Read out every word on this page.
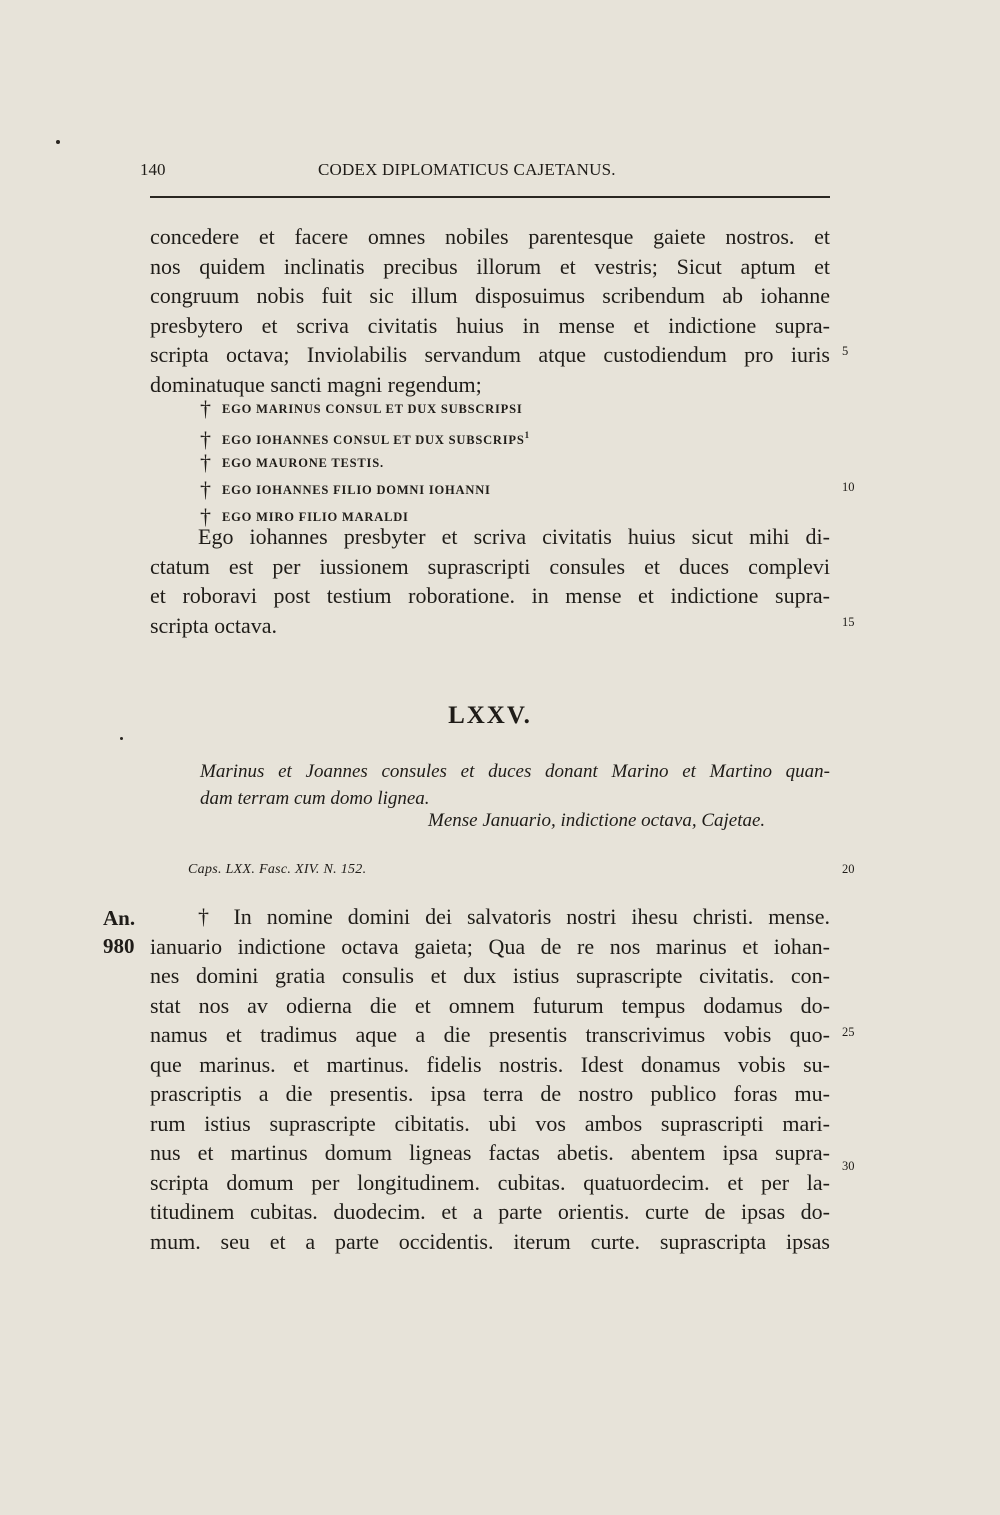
140	CODEX DIPLOMATICUS CAJETANUS.
concedere et facere omnes nobiles parentesque gaiete nostros. et
nos quidem inclinatis precibus illorum et vestris; Sicut aptum et
congruum nobis fuit sic illum disposuimus scribendum ab iohanne
presbytero et scriva civitatis huius in mense et indictione supra-
scripta octava; Inviolabilis servandum atque custodiendum pro iuris
dominatuque sancti magni regendum;
† EGO MARINUS CONSUL ET DUX SUBSCRIPSI
† EGO IOHANNES CONSUL ET DUX SUBSCRIPS$^1$
† EGO MAURONE TESTIS.
† EGO IOHANNES FILIO DOMNI IOHANNI
† EGO MIRO FILIO MARALDI
Ego iohannes presbyter et scriva civitatis huius sicut mihi di-
ctatum est per iussionem suprascripti consules et duces complevi
et roboravi post testium roboratione. in mense et indictione supra-
scripta octava.
LXXV.
Marinus et Joannes consules et duces donant Marino et Martino quan-
dam terram cum domo lignea.
Mense Januario, indictione octava, Cajetae.
Caps. LXX. Fasc. XIV. N. 152.
An.
980
† In nomine domini dei salvatoris nostri ihesu christi. mense.
ianuario indictione octava gaieta; Qua de re nos marinus et iohan-
nes domini gratia consulis et dux istius suprascripte civitatis. con-
stat nos av odierna die et omnem futurum tempus dodamus do-
namus et tradimus aque a die presentis transcrivimus vobis quo-
que marinus. et martinus. fidelis nostris. Idest donamus vobis su-
prascriptis a die presentis. ipsa terra de nostro publico foras mu-
rum istius suprascripte cibitatis. ubi vos ambos suprascripti mari-
nus et martinus domum ligneas factas abetis. abentem ipsa supra-
scripta domum per longitudinem. cubitas. quatuordecim. et per la-
titudinem cubitas. duodecim. et a parte orientis. curte de ipsas do-
mum. seu et a parte occidentis. iterum curte. suprascripta ipsas
5
10
15
20
25
30
